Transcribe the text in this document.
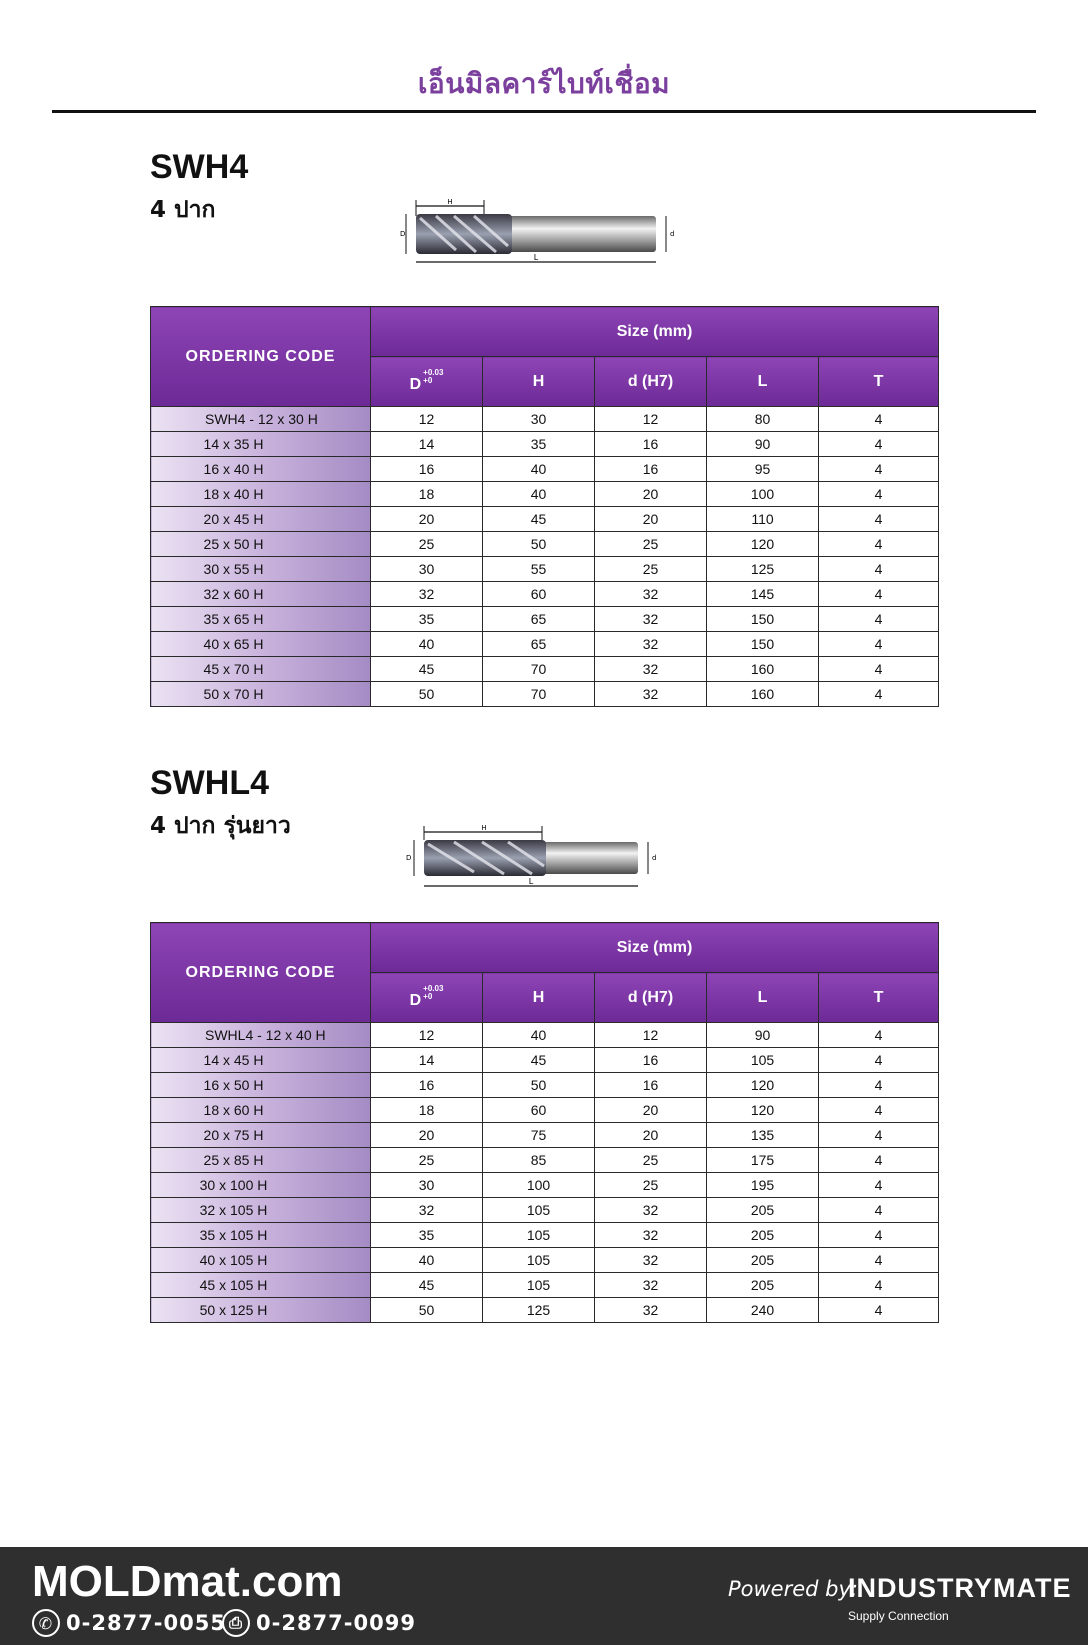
เอ็นมิลคาร์ไบท์เชื่อม
SWH4
4 ปาก	H
D	d
L
ORDERING CODE	Size (mm)				
	$D^{+0.03 +0}$	H	d (H7)	L	T
SWH4 - 12 x 30 H	12	30	12	80	4
14 x 35 H	14	35	16	90	4
16 x 40 H	16	40	16	95	4
18 x 40 H	18	40	20	100	4
20 x 45 H	20	45	20	110	4
25 x 50 H	25	50	25	120	4
30 x 55 H	30	55	25	125	4
32 x 60 H	32	60	32	145	4
35 x 65 H	35	65	32	150	4
40 x 65 H	40	65	32	150	4
45 x 70 H	45	70	32	160	4
50 x 70 H	50	70	32	160	4
SWHL4
4 ปาก รุ่นยาว	H
D	d
L
ORDERING CODE	Size (mm)				
	$D^{+0.03 +0}$	H	d (H7)	L	T
SWHL4 - 12 x 40 H	12	40	12	90	4
14 x 45 H	14	45	16	105	4
16 x 50 H	16	50	16	120	4
18 x 60 H	18	60	20	120	4
20 x 75 H	20	75	20	135	4
25 x 85 H	25	85	25	175	4
30 x 100 H	30	100	25	195	4
32 x 105 H	32	105	32	205	4
35 x 105 H	35	105	32	205	4
40 x 105 H	40	105	32	205	4
45 x 105 H	45	105	32	205	4
50 x 125 H	50	125	32	240	4
MOLDmat.com
✆ 0-2877-0055 ⎙ 0-2877-0099
Powered by:
INDUSTRYMATE
Supply Connection
